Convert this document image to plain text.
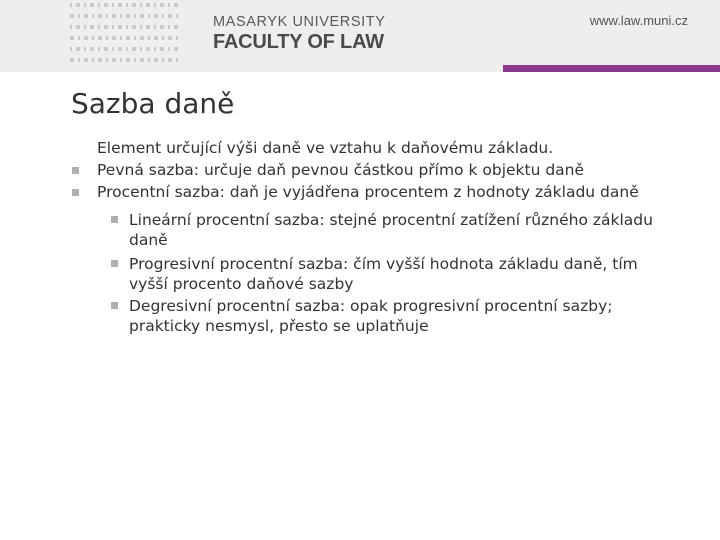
MASARYK UNIVERSITY
FACULTY OF LAW
www.law.muni.cz
Sazba daně
Element určující výši daně ve vztahu k daňovému základu.
Pevná sazba: určuje daň pevnou částkou přímo k objektu daně
Procentní sazba: daň je vyjádřena procentem z hodnoty základu daně
Lineární procentní sazba: stejné procentní zatížení různého základu
daně
Progresivní procentní sazba: čím vyšší hodnota základu daně, tím
vyšší procento daňové sazby
Degresivní procentní sazba: opak progresivní procentní sazby;
prakticky nesmysl, přesto se uplatňuje
